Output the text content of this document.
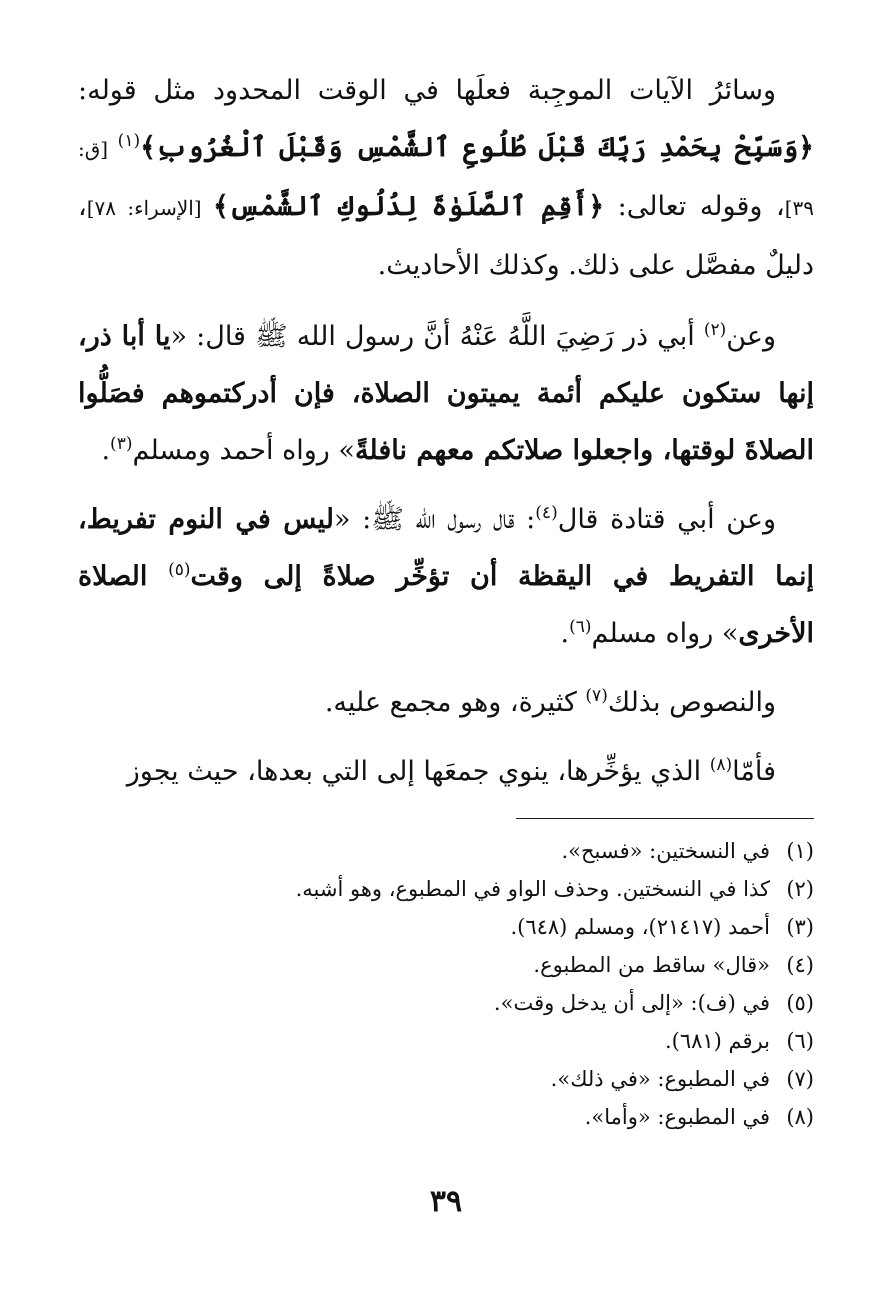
وسائرُ الآيات الموجِبة فعلَها في الوقت المحدود مثل قوله: ﴿وَسَبِّحْ بِحَمْدِ رَبِّكَ قَبْلَ طُلُوعِ ٱلشَّمْسِ وَقَبْلَ ٱلْغُرُوبِ﴾$^{(١)}$ [ق: ٣٩]، وقوله تعالى: ﴿أَقِمِ ٱلصَّلَوٰةَ لِدُلُوكِ ٱلشَّمْسِ﴾ [الإسراء: ٧٨]، دليلٌ مفصَّل على ذلك. وكذلك الأحاديث.

وعن$^{(٢)}$ أبي ذر رَضِيَ اللَّهُ عَنْهُ أنَّ رسول الله ﷺ قال: «يا أبا ذر، إنها ستكون عليكم أئمة يميتون الصلاة، فإن أدركتموهم فصَلُّوا الصلاةَ لوقتها، واجعلوا صلاتكم معهم نافلةً» رواه أحمد ومسلم$^{(٣)}$.

وعن أبي قتادة قال$^{(٤)}$: قال رسول الله ﷺ: «ليس في النوم تفريط، إنما التفريط في اليقظة أن تؤخِّر صلاةً إلى وقت$^{(٥)}$ الصلاة الأخرى» رواه مسلم$^{(٦)}$.

والنصوص بذلك$^{(٧)}$ كثيرة، وهو مجمع عليه.

فأمّا$^{(٨)}$ الذي يؤخِّرها، ينوي جمعَها إلى التي بعدها، حيث يجوز

(١)في النسختين: «فسبح».
(٢)كذا في النسختين. وحذف الواو في المطبوع، وهو أشبه.
(٣)أحمد (٢١٤١٧)، ومسلم (٦٤٨).
(٤)«قال» ساقط من المطبوع.
(٥)في (ف): «إلى أن يدخل وقت».
(٦)برقم (٦٨١).
(٧)في المطبوع: «في ذلك».
(٨)في المطبوع: «وأما».
٣٩
